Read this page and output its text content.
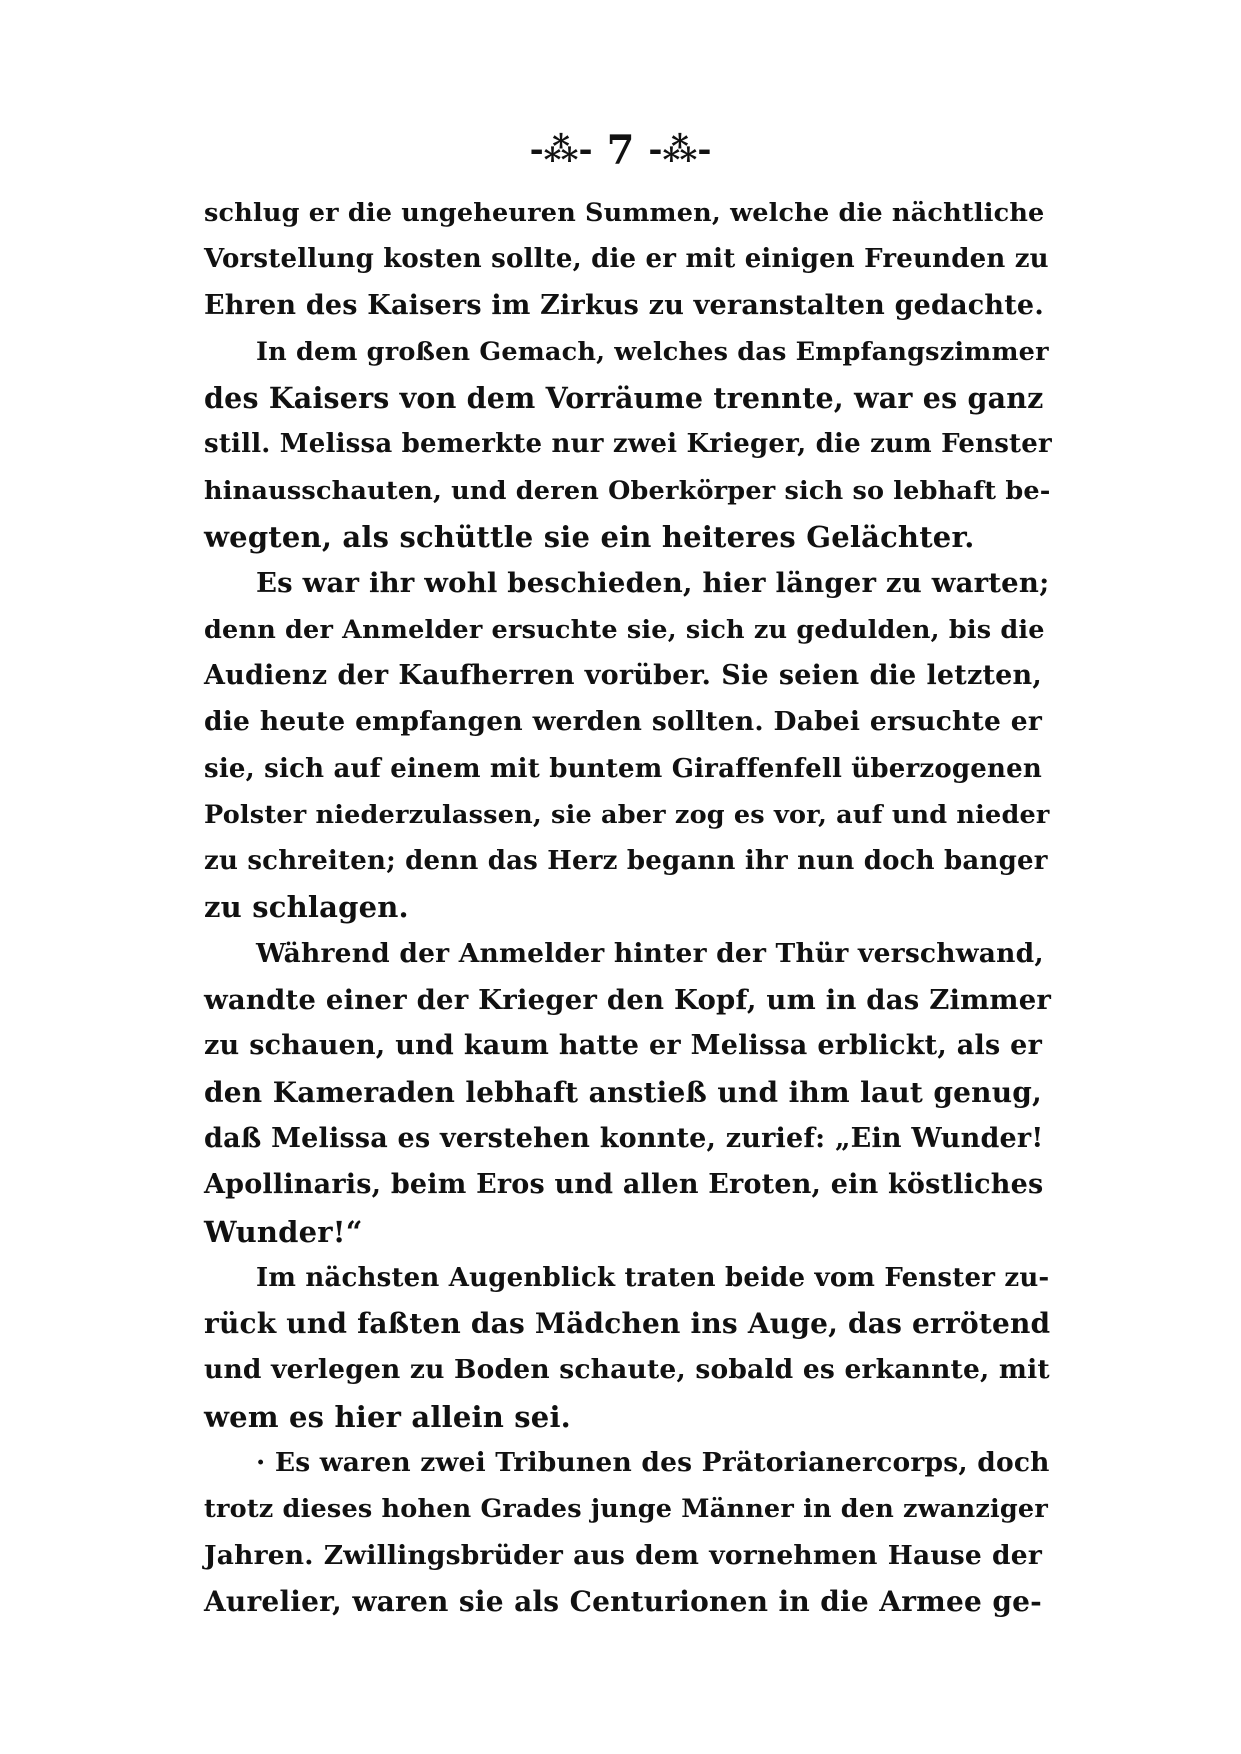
-⁂- 7 -⁂-
schlug er die ungeheuren Summen, welche die nächtliche
Vorstellung kosten sollte, die er mit einigen Freunden zu
Ehren des Kaisers im Zirkus zu veranstalten gedachte.
In dem großen Gemach, welches das Empfangszimmer
des Kaisers von dem Vorräume trennte, war es ganz
still. Melissa bemerkte nur zwei Krieger, die zum Fenster
hinausschauten, und deren Oberkörper sich so lebhaft be-
wegten, als schüttle sie ein heiteres Gelächter.
Es war ihr wohl beschieden, hier länger zu warten;
denn der Anmelder ersuchte sie, sich zu gedulden, bis die
Audienz der Kaufherren vorüber. Sie seien die letzten,
die heute empfangen werden sollten. Dabei ersuchte er
sie, sich auf einem mit buntem Giraffenfell überzogenen
Polster niederzulassen, sie aber zog es vor, auf und nieder
zu schreiten; denn das Herz begann ihr nun doch banger
zu schlagen.
Während der Anmelder hinter der Thür verschwand,
wandte einer der Krieger den Kopf, um in das Zimmer
zu schauen, und kaum hatte er Melissa erblickt, als er
den Kameraden lebhaft anstieß und ihm laut genug,
daß Melissa es verstehen konnte, zurief: „Ein Wunder!
Apollinaris, beim Eros und allen Eroten, ein köstliches
Wunder!“
Im nächsten Augenblick traten beide vom Fenster zu-
rück und faßten das Mädchen ins Auge, das errötend
und verlegen zu Boden schaute, sobald es erkannte, mit
wem es hier allein sei.
· Es waren zwei Tribunen des Prätorianercorps, doch
trotz dieses hohen Grades junge Männer in den zwanziger
Jahren. Zwillingsbrüder aus dem vornehmen Hause der
Aurelier, waren sie als Centurionen in die Armee ge-
